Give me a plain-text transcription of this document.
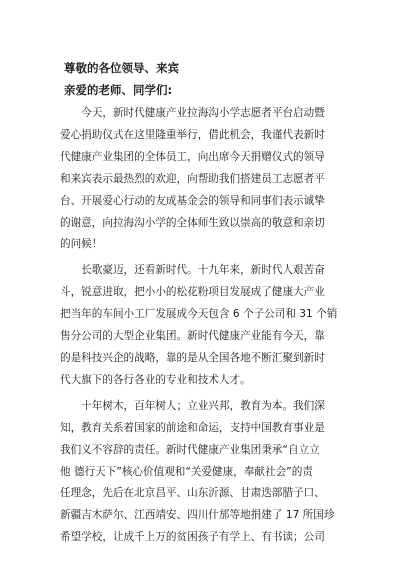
尊敬的各位领导、来宾
亲爱的老师、同学们:
　　今天，新时代健康产业拉海沟小学志愿者平台启动暨
爱心捐助仪式在这里隆重举行，借此机会，我谨代表新时
代健康产业集团的全体员工，向出席今天捐赠仪式的领导
和来宾表示最热烈的欢迎，向帮助我们搭建员工志愿者平
台、开展爱心行动的友成基金会的领导和同事们表示诚挚
的谢意，向拉海沟小学的全体师生致以崇高的敬意和亲切
的问候！
　　长歌豪迈，还看新时代。十九年来，新时代人艰苦奋
斗，锐意进取，把小小的松花粉项目发展成了健康大产业
把当年的车间小工厂发展成今天包含 6 个子公司和 31 个销
售分公司的大型企业集团。新时代健康产业能有今天，靠
的是科技兴企的战略，靠的是从全国各地不断汇聚到新时
代大旗下的各行各业的专业和技术人才。
　　十年树木，百年树人；立业兴邦，教育为本。我们深
知，教育关系着国家的前途和命运，支持中国教育事业是
我们义不容辞的责任。新时代健康产业集团秉承“自立立
他 德行天下”核心价值观和“关爱健康，奉献社会”的责
任理念，先后在北京昌平、山东沂源、甘肃迭部腊子口、
新疆吉木萨尔、江西靖安、四川什邡等地捐建了 17 所国珍
希望学校，让成千上万的贫困孩子有学上、有书读；公司
